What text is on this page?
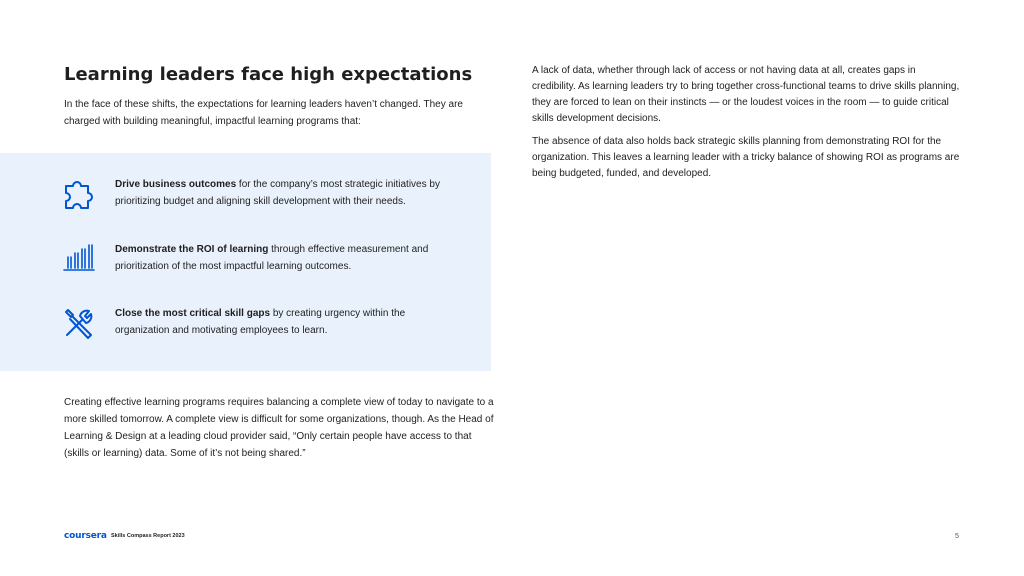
Learning leaders face high expectations

In the face of these shifts, the expectations for learning leaders haven’t changed. They are charged with building meaningful, impactful learning programs that:

Drive business outcomes for the company’s most strategic initiatives by prioritizing budget and aligning skill development with their needs.

Demonstrate the ROI of learning through effective measurement and prioritization of the most impactful learning outcomes.

Close the most critical skill gaps by creating urgency within the organization and motivating employees to learn.

Creating effective learning programs requires balancing a complete view of today to navigate to a more skilled tomorrow. A complete view is difficult for some organizations, though. As the Head of Learning & Design at a leading cloud provider said, “Only certain people have access to that (skills or learning) data. Some of it’s not being shared.”

A lack of data, whether through lack of access or not having data at all, creates gaps in credibility. As learning leaders try to bring together cross-functional teams to drive skills planning, they are forced to lean on their instincts — or the loudest voices in the room — to guide critical skills development decisions.

The absence of data also holds back strategic skills planning from demonstrating ROI for the organization. This leaves a learning leader with a tricky balance of showing ROI as programs are being budgeted, funded, and developed.

coursera Skills Compass Report 2023	5
